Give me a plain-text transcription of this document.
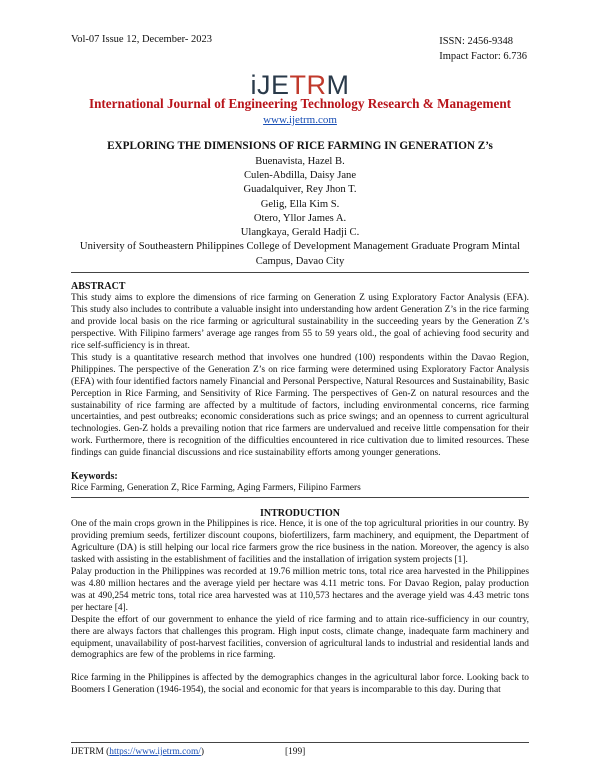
Vol-07 Issue 12, December- 2023	ISSN: 2456-9348
Impact Factor: 6.736
iJETRM
International Journal of Engineering Technology Research & Management
www.ijetrm.com
EXPLORING THE DIMENSIONS OF RICE FARMING IN GENERATION Z’s
Buenavista, Hazel B.
Culen-Abdilla, Daisy Jane
Guadalquiver, Rey Jhon T.
Gelig, Ella Kim S.
Otero, Yllor James A.
Ulangkaya, Gerald Hadji C.
University of Southeastern Philippines College of Development Management Graduate Program Mintal Campus, Davao City
ABSTRACT

This study aims to explore the dimensions of rice farming on Generation Z using Exploratory Factor Analysis (EFA). This study also includes to contribute a valuable insight into understanding how ardent Generation Z’s in the rice farming and provide local basis on the rice farming or agricultural sustainability in the succeeding years by the Generation Z’s perspective. With Filipino farmers’ average age ranges from 55 to 59 years old., the goal of achieving food security and rice self-sufficiency is in threat.

This study is a quantitative research method that involves one hundred (100) respondents within the Davao Region, Philippines. The perspective of the Generation Z’s on rice farming were determined using Exploratory Factor Analysis (EFA) with four identified factors namely Financial and Personal Perspective, Natural Resources and Sustainability, Basic Perception in Rice Farming, and Sensitivity of Rice Farming. The perspectives of Gen-Z on natural resources and the sustainability of rice farming are affected by a multitude of factors, including environmental concerns, rice farming uncertainties, and pest outbreaks; economic considerations such as price swings; and an openness to current agricultural technologies. Gen-Z holds a prevailing notion that rice farmers are undervalued and receive little compensation for their work. Furthermore, there is recognition of the difficulties encountered in rice cultivation due to limited resources. These findings can guide financial discussions and rice sustainability efforts among younger generations.

Keywords:

Rice Farming, Generation Z, Rice Farming, Aging Farmers, Filipino Farmers

INTRODUCTION

One of the main crops grown in the Philippines is rice. Hence, it is one of the top agricultural priorities in our country. By providing premium seeds, fertilizer discount coupons, biofertilizers, farm machinery, and equipment, the Department of Agriculture (DA) is still helping our local rice farmers grow the rice business in the nation. Moreover, the agency is also tasked with assisting in the establishment of facilities and the installation of irrigation system projects [1].

Palay production in the Philippines was recorded at 19.76 million metric tons, total rice area harvested in the Philippines was 4.80 million hectares and the average yield per hectare was 4.11 metric tons. For Davao Region, palay production was at 490,254 metric tons, total rice area harvested was at 110,573 hectares and the average yield was 4.43 metric tons per hectare [4].

Despite the effort of our government to enhance the yield of rice farming and to attain rice-sufficiency in our country, there are always factors that challenges this program. High input costs, climate change, inadequate farm machinery and equipment, unavailability of post-harvest facilities, conversion of agricultural lands to industrial and residential lands and demographics are few of the problems in rice farming.

Rice farming in the Philippines is affected by the demographics changes in the agricultural labor force. Looking back to Boomers I Generation (1946-1954), the social and economic for that years is incomparable to this day. During that

IJETRM (https://www.ijetrm.com/)	[199]
